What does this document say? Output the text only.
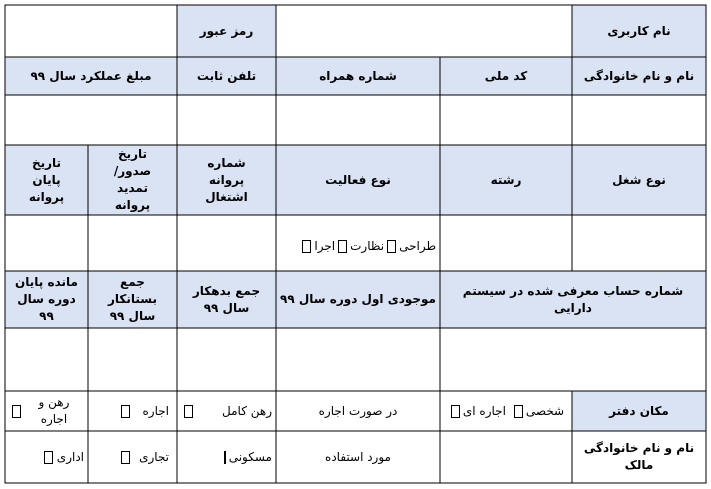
نام کاربری
رمز عبور
نام و نام خانوادگی
کد ملی
شماره همراه
تلفن ثابت
مبلغ عملکرد سال ۹۹
نوع شغل
رشته
نوع فعالیت
شماره پروانه اشتغال
تاریخ صدور/تمدید پروانه
تاریخ پایان پروانه
طراحی
نظارت
اجرا
شماره حساب معرفی شده در سیستم دارایی
موجودی اول دوره سال ۹۹
جمع بدهکار سال ۹۹
جمع بستانکار سال ۹۹
مانده پایان دوره سال ۹۹
مکان دفتر
شخصی
اجاره ای
در صورت اجاره
رهن کامل
اجاره
رهن و اجاره
نام و نام خانوادگی مالک
مورد استفاده
مسکونی
تجاری
اداری
